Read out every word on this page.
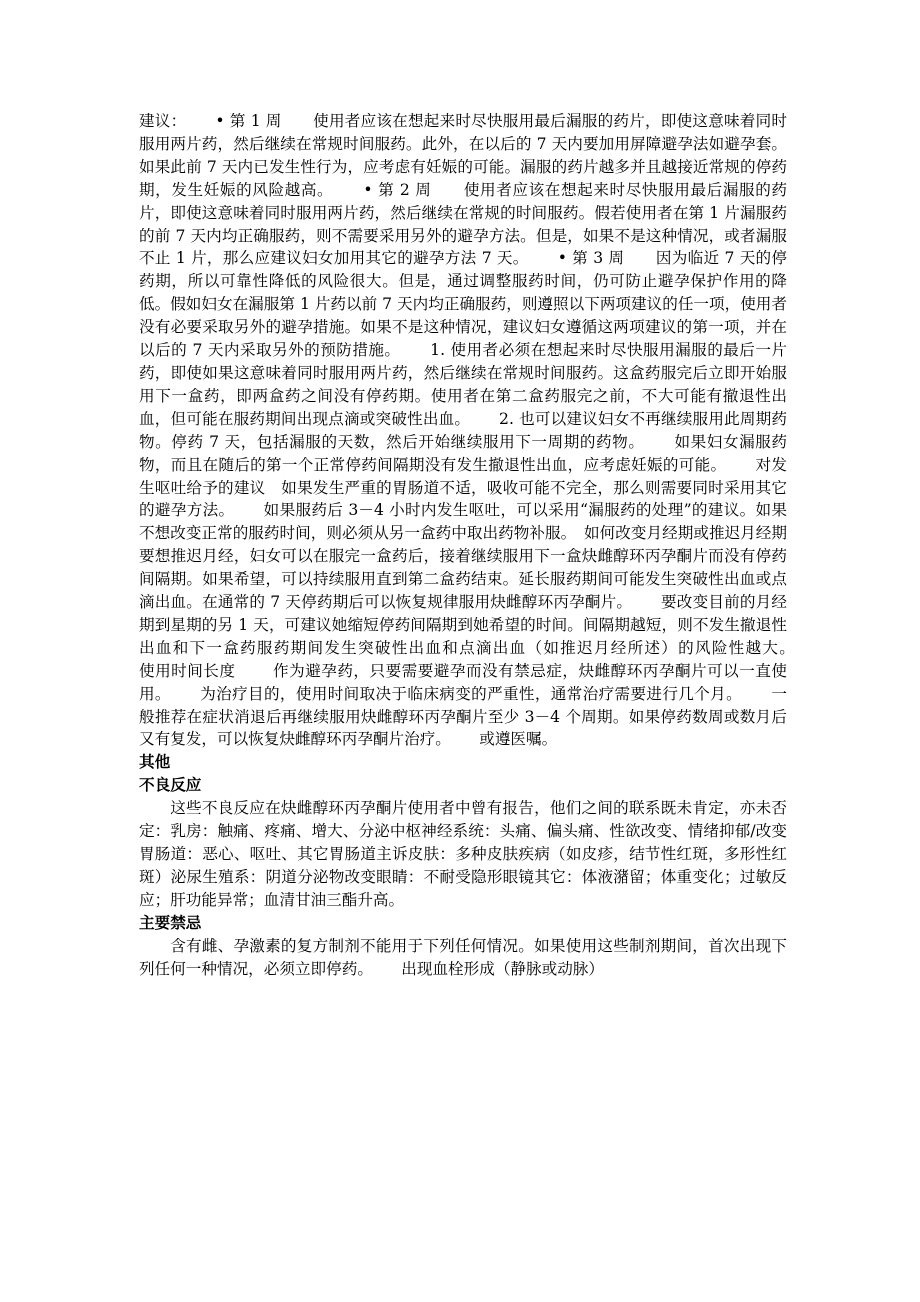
建议：　　 • 第 1 周　　使用者应该在想起来时尽快服用最后漏服的药片，即使这意味着同时服用两片药，然后继续在常规时间服药。此外，在以后的 7 天内要加用屏障避孕法如避孕套。如果此前 7 天内已发生性行为，应考虑有妊娠的可能。漏服的药片越多并且越接近常规的停药期，发生妊娠的风险越高。　　 • 第 2 周　　使用者应该在想起来时尽快服用最后漏服的药片，即使这意味着同时服用两片药，然后继续在常规的时间服药。假若使用者在第 1 片漏服药的前 7 天内均正确服药，则不需要采用另外的避孕方法。但是，如果不是这种情况，或者漏服不止 1 片，那么应建议妇女加用其它的避孕方法 7 天。　　 • 第 3 周　　因为临近 7 天的停药期，所以可靠性降低的风险很大。但是，通过调整服药时间，仍可防止避孕保护作用的降低。假如妇女在漏服第 1 片药以前 7 天内均正确服药，则遵照以下两项建议的任一项，使用者没有必要采取另外的避孕措施。如果不是这种情况，建议妇女遵循这两项建议的第一项，并在以后的 7 天内采取另外的预防措施。　　 1. 使用者必须在想起来时尽快服用漏服的最后一片药，即使如果这意味着同时服用两片药，然后继续在常规时间服药。这盒药服完后立即开始服用下一盒药，即两盒药之间没有停药期。使用者在第二盒药服完之前，不大可能有撤退性出血，但可能在服药期间出现点滴或突破性出血。　　 2. 也可以建议妇女不再继续服用此周期药物。停药 7 天，包括漏服的天数，然后开始继续服用下一周期的药物。　　 如果妇女漏服药物，而且在随后的第一个正常停药间隔期没有发生撤退性出血，应考虑妊娠的可能。　　 对发生呕吐给予的建议　如果发生严重的胃肠道不适，吸收可能不完全，那么则需要同时采用其它的避孕方法。　　 如果服药后 3－4 小时内发生呕吐，可以采用“漏服药的处理”的建议。如果不想改变正常的服药时间，则必须从另一盒药中取出药物补服。　如何改变月经期或推迟月经期　　 要想推迟月经，妇女可以在服完一盒药后，接着继续服用下一盒炔雌醇环丙孕酮片而没有停药间隔期。如果希望，可以持续服用直到第二盒药结束。延长服药期间可能发生突破性出血或点滴出血。在通常的 7 天停药期后可以恢复规律服用炔雌醇环丙孕酮片。　　 要改变目前的月经期到星期的另 1 天，可建议她缩短停药间隔期到她希望的时间。间隔期越短，则不发生撤退性出血和下一盒药服药期间发生突破性出血和点滴出血（如推迟月经所述）的风险性越大。　　 使用时间长度　　 作为避孕药，只要需要避孕而没有禁忌症，炔雌醇环丙孕酮片可以一直使用。　　 为治疗目的，使用时间取决于临床病变的严重性，通常治疗需要进行几个月。　　 一般推荐在症状消退后再继续服用炔雌醇环丙孕酮片至少 3－4 个周期。如果停药数周或数月后又有复发，可以恢复炔雌醇环丙孕酮片治疗。　　 或遵医嘱。

其他
不良反应

这些不良反应在炔雌醇环丙孕酮片使用者中曾有报告，他们之间的联系既未肯定，亦未否定：乳房：触痛、疼痛、增大、分泌中枢神经系统：头痛、偏头痛、性欲改变、情绪抑郁/改变胃肠道：恶心、呕吐、其它胃肠道主诉皮肤：多种皮肤疾病（如皮疹，结节性红斑，多形性红斑）泌尿生殖系：阴道分泌物改变眼睛：不耐受隐形眼镜其它：体液潴留；体重变化；过敏反应；肝功能异常；血清甘油三酯升高。

主要禁忌

含有雌、孕激素的复方制剂不能用于下列任何情况。如果使用这些制剂期间，首次出现下列任何一种情况，必须立即停药。　　 出现血栓形成（静脉或动脉）
